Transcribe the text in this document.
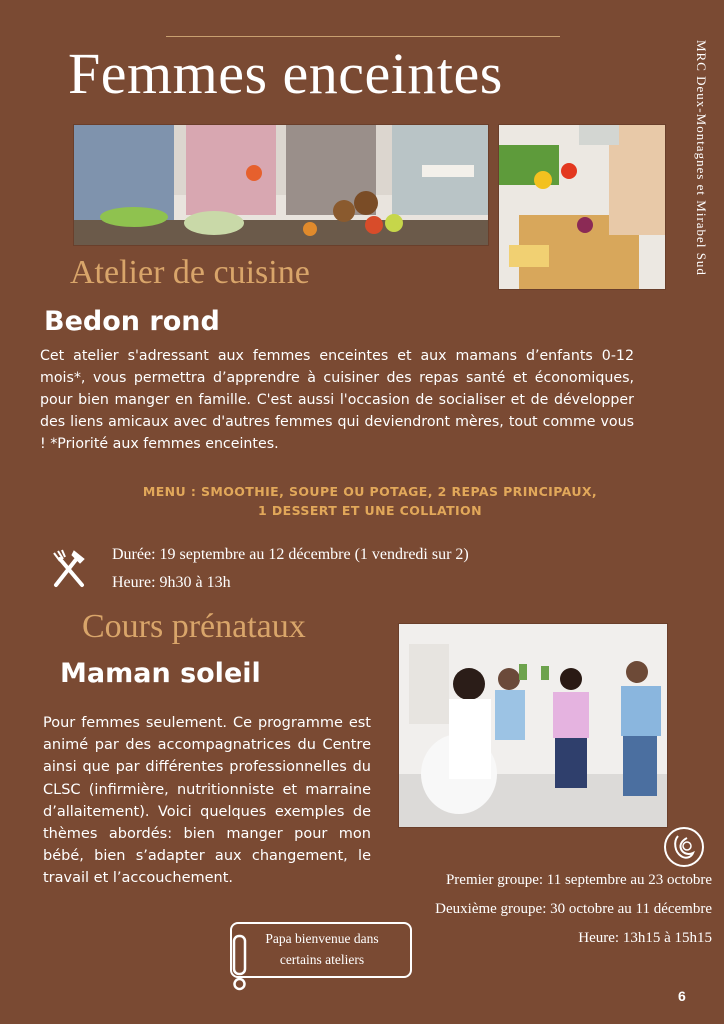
Femmes enceintes	MRC Deux-Montagnes et Mirabel Sud
Atelier de cuisine
Bedon rond
Cet atelier s'adressant aux femmes enceintes et aux mamans d’enfants 0-12 mois*, vous permettra d’apprendre à cuisiner des repas santé et économiques, pour bien manger en famille. C'est aussi l'occasion de socialiser et de développer des liens amicaux avec d'autres femmes qui deviendront mères, tout comme vous ! *Priorité aux femmes enceintes.
MENU : SMOOTHIE, SOUPE OU POTAGE, 2 REPAS PRINCIPAUX,
1 DESSERT ET UNE COLLATION
Durée: 19 septembre au 12 décembre (1 vendredi sur 2)
Heure: 9h30 à 13h
Cours prénataux
Maman soleil
Pour femmes seulement. Ce programme est animé par des accompagnatrices du Centre ainsi que par différentes professionnelles du CLSC (infirmière, nutritionniste et marraine d’allaitement). Voici quelques exemples de thèmes abordés: bien manger pour mon bébé, bien s’adapter aux changement, le travail et l’accouchement.	Premier groupe: 11 septembre au 23 octobre
Deuxième groupe: 30 octobre au 11 décembre
Heure: 13h15 à 15h15
Papa bienvenue dans certains ateliers
6
